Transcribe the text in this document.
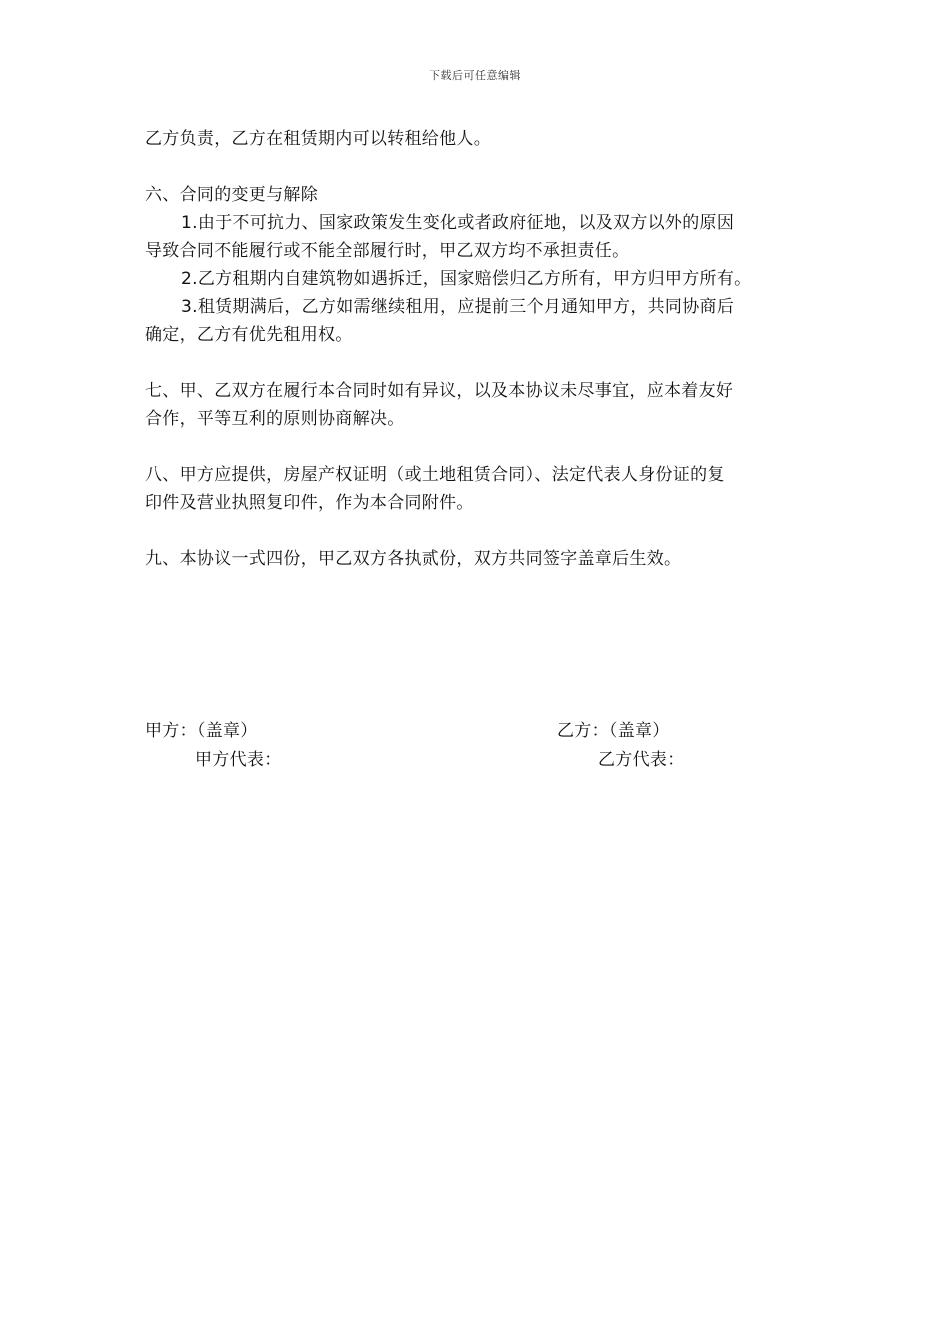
下载后可任意编辑
乙方负责，乙方在租赁期内可以转租给他人。
六、合同的变更与解除
1.由于不可抗力、国家政策发生变化或者政府征地，以及双方以外的原因
导致合同不能履行或不能全部履行时，甲乙双方均不承担责任。
2.乙方租期内自建筑物如遇拆迁，国家赔偿归乙方所有，甲方归甲方所有。
3.租赁期满后，乙方如需继续租用，应提前三个月通知甲方，共同协商后
确定，乙方有优先租用权。
七、甲、乙双方在履行本合同时如有异议，以及本协议未尽事宜，应本着友好
合作，平等互利的原则协商解决。
八、甲方应提供，房屋产权证明（或土地租赁合同）、法定代表人身份证的复
印件及营业执照复印件，作为本合同附件。
九、本协议一式四份，甲乙双方各执贰份，双方共同签字盖章后生效。
甲方：（盖章）
甲方代表：
乙方：（盖章）
乙方代表：
